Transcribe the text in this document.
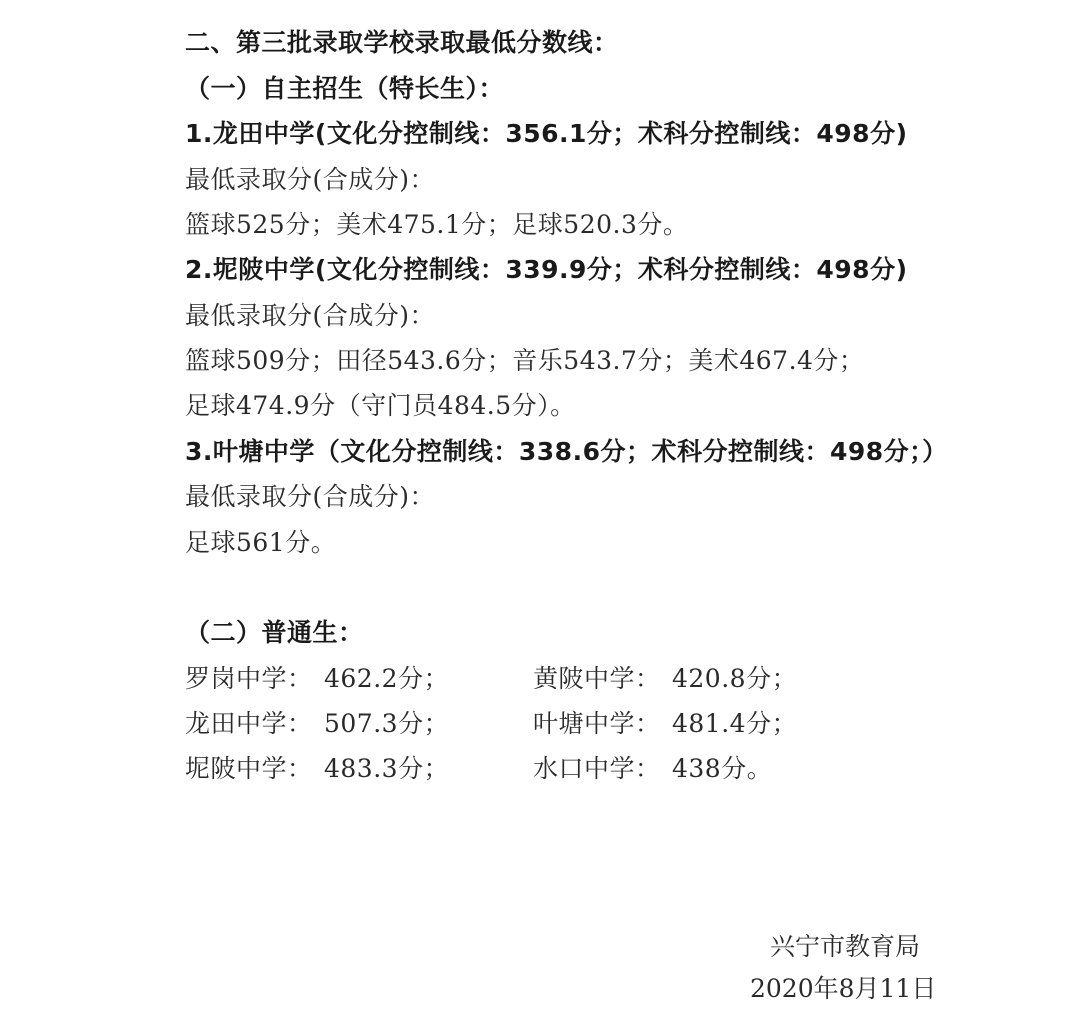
二、第三批录取学校录取最低分数线：
（一）自主招生（特长生）：
1.龙田中学(文化分控制线：356.1分；术科分控制线：498分)
最低录取分(合成分)：
篮球525分；美术475.1分；足球520.3分。
2.坭陂中学(文化分控制线：339.9分；术科分控制线：498分)
最低录取分(合成分)：
篮球509分；田径543.6分；音乐543.7分；美术467.4分；
足球474.9分（守门员484.5分）。
3.叶塘中学（文化分控制线：338.6分；术科分控制线：498分；）
最低录取分(合成分)：
足球561分。
（二）普通生：
罗岗中学： 462.2分；	黄陂中学： 420.8分；
龙田中学： 507.3分；	叶塘中学： 481.4分；
坭陂中学： 483.3分；	水口中学： 438分。
兴宁市教育局
2020年8月11日
